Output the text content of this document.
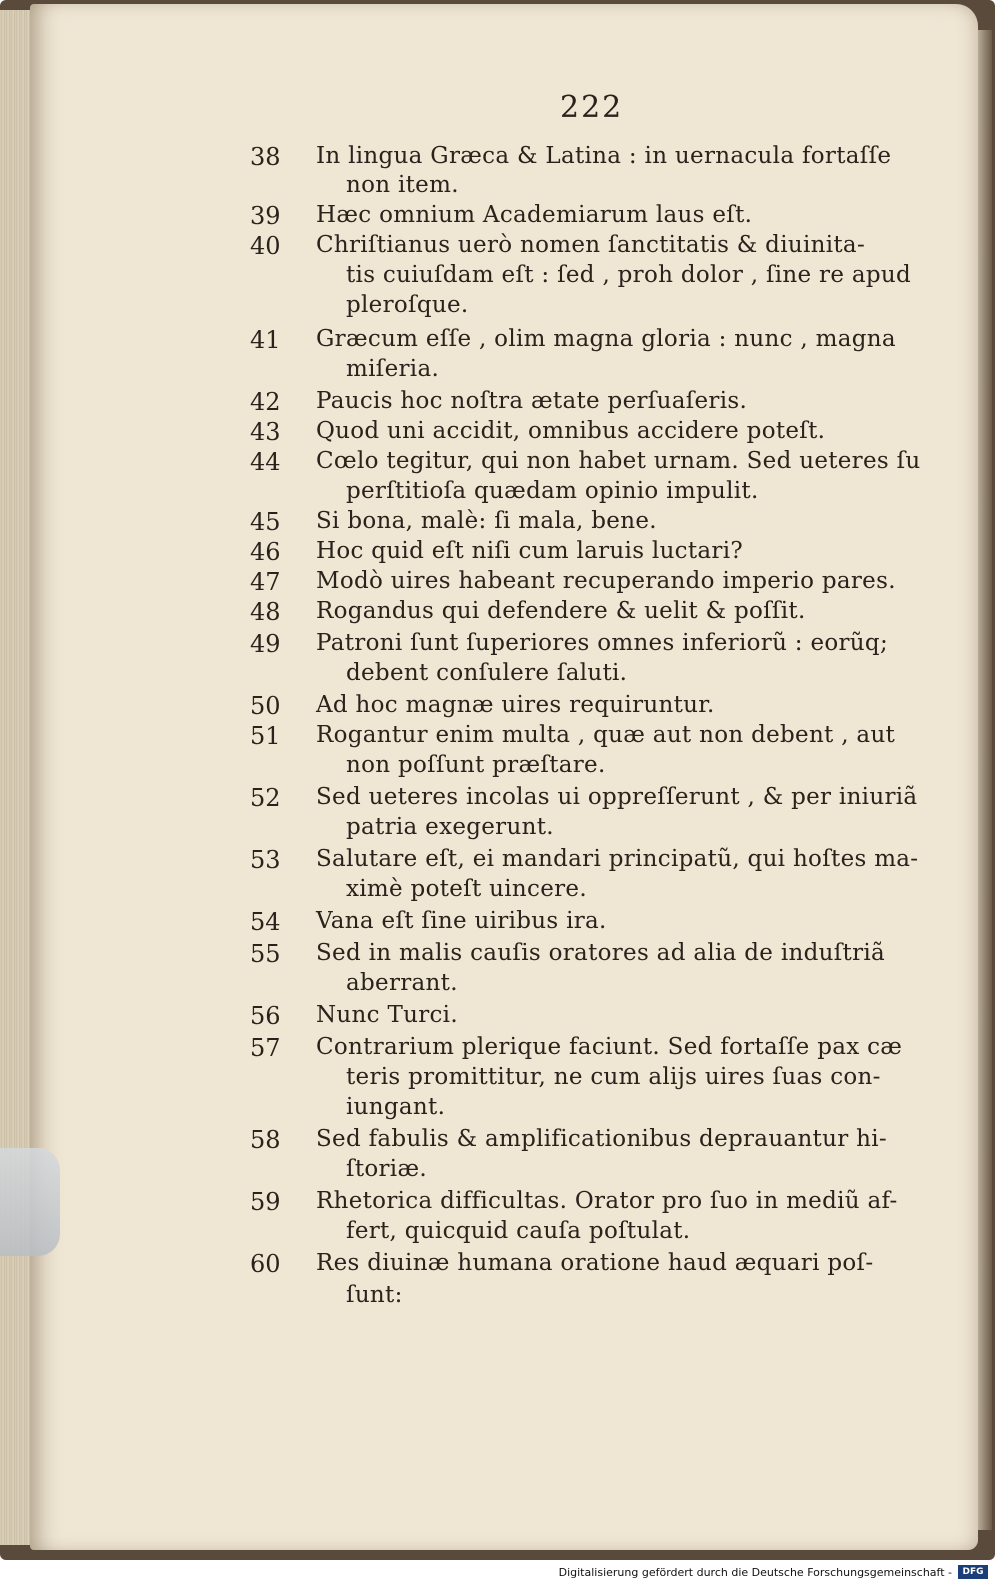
222
38	In lingua Græca & Latina : in uernacula fortaſſe
non item.
39	Hæc omnium Academiarum laus eſt.
40	Chriſtianus uerò nomen ſanctitatis & diuinita-
tis cuiuſdam eſt : ſed , proh dolor , ſine re apud
pleroſque.
41	Græcum eſſe , olim magna gloria : nunc , magna
miſeria.
42	Paucis hoc noſtra ætate perſuaſeris.
43	Quod uni accidit, omnibus accidere poteſt.
44	Cœlo tegitur, qui non habet urnam. Sed ueteres ſu
perſtitioſa quædam opinio impulit.
45	Si bona, malè: ſi mala, bene.
46	Hoc quid eſt niſi cum laruis luctari?
47	Modò uires habeant recuperando imperio pares.
48	Rogandus qui defendere & uelit & poſſit.
49	Patroni ſunt ſuperiores omnes inferiorũ : eorũq;
debent conſulere ſaluti.
50	Ad hoc magnæ uires requiruntur.
51	Rogantur enim multa , quæ aut non debent , aut
non poſſunt præſtare.
52	Sed ueteres incolas ui oppreſſerunt , & per iniuriã
patria exegerunt.
53	Salutare eſt, ei mandari principatũ, qui hoſtes ma-
ximè poteſt uincere.
54	Vana eſt ſine uiribus ira.
55	Sed in malis cauſis oratores ad alia de induſtriã
aberrant.
56	Nunc Turci.
57	Contrarium plerique faciunt. Sed fortaſſe pax cæ
teris promittitur, ne cum alijs uires ſuas con-
iungant.
58	Sed fabulis & amplificationibus deprauantur hi-
ſtoriæ.
59	Rhetorica difficultas. Orator pro ſuo in mediũ af-
fert, quicquid cauſa poſtulat.
60	Res diuinæ humana oratione haud æquari poſ-
ſunt:
Digitalisierung gefördert durch die Deutsche Forschungsgemeinschaft -	DFG
